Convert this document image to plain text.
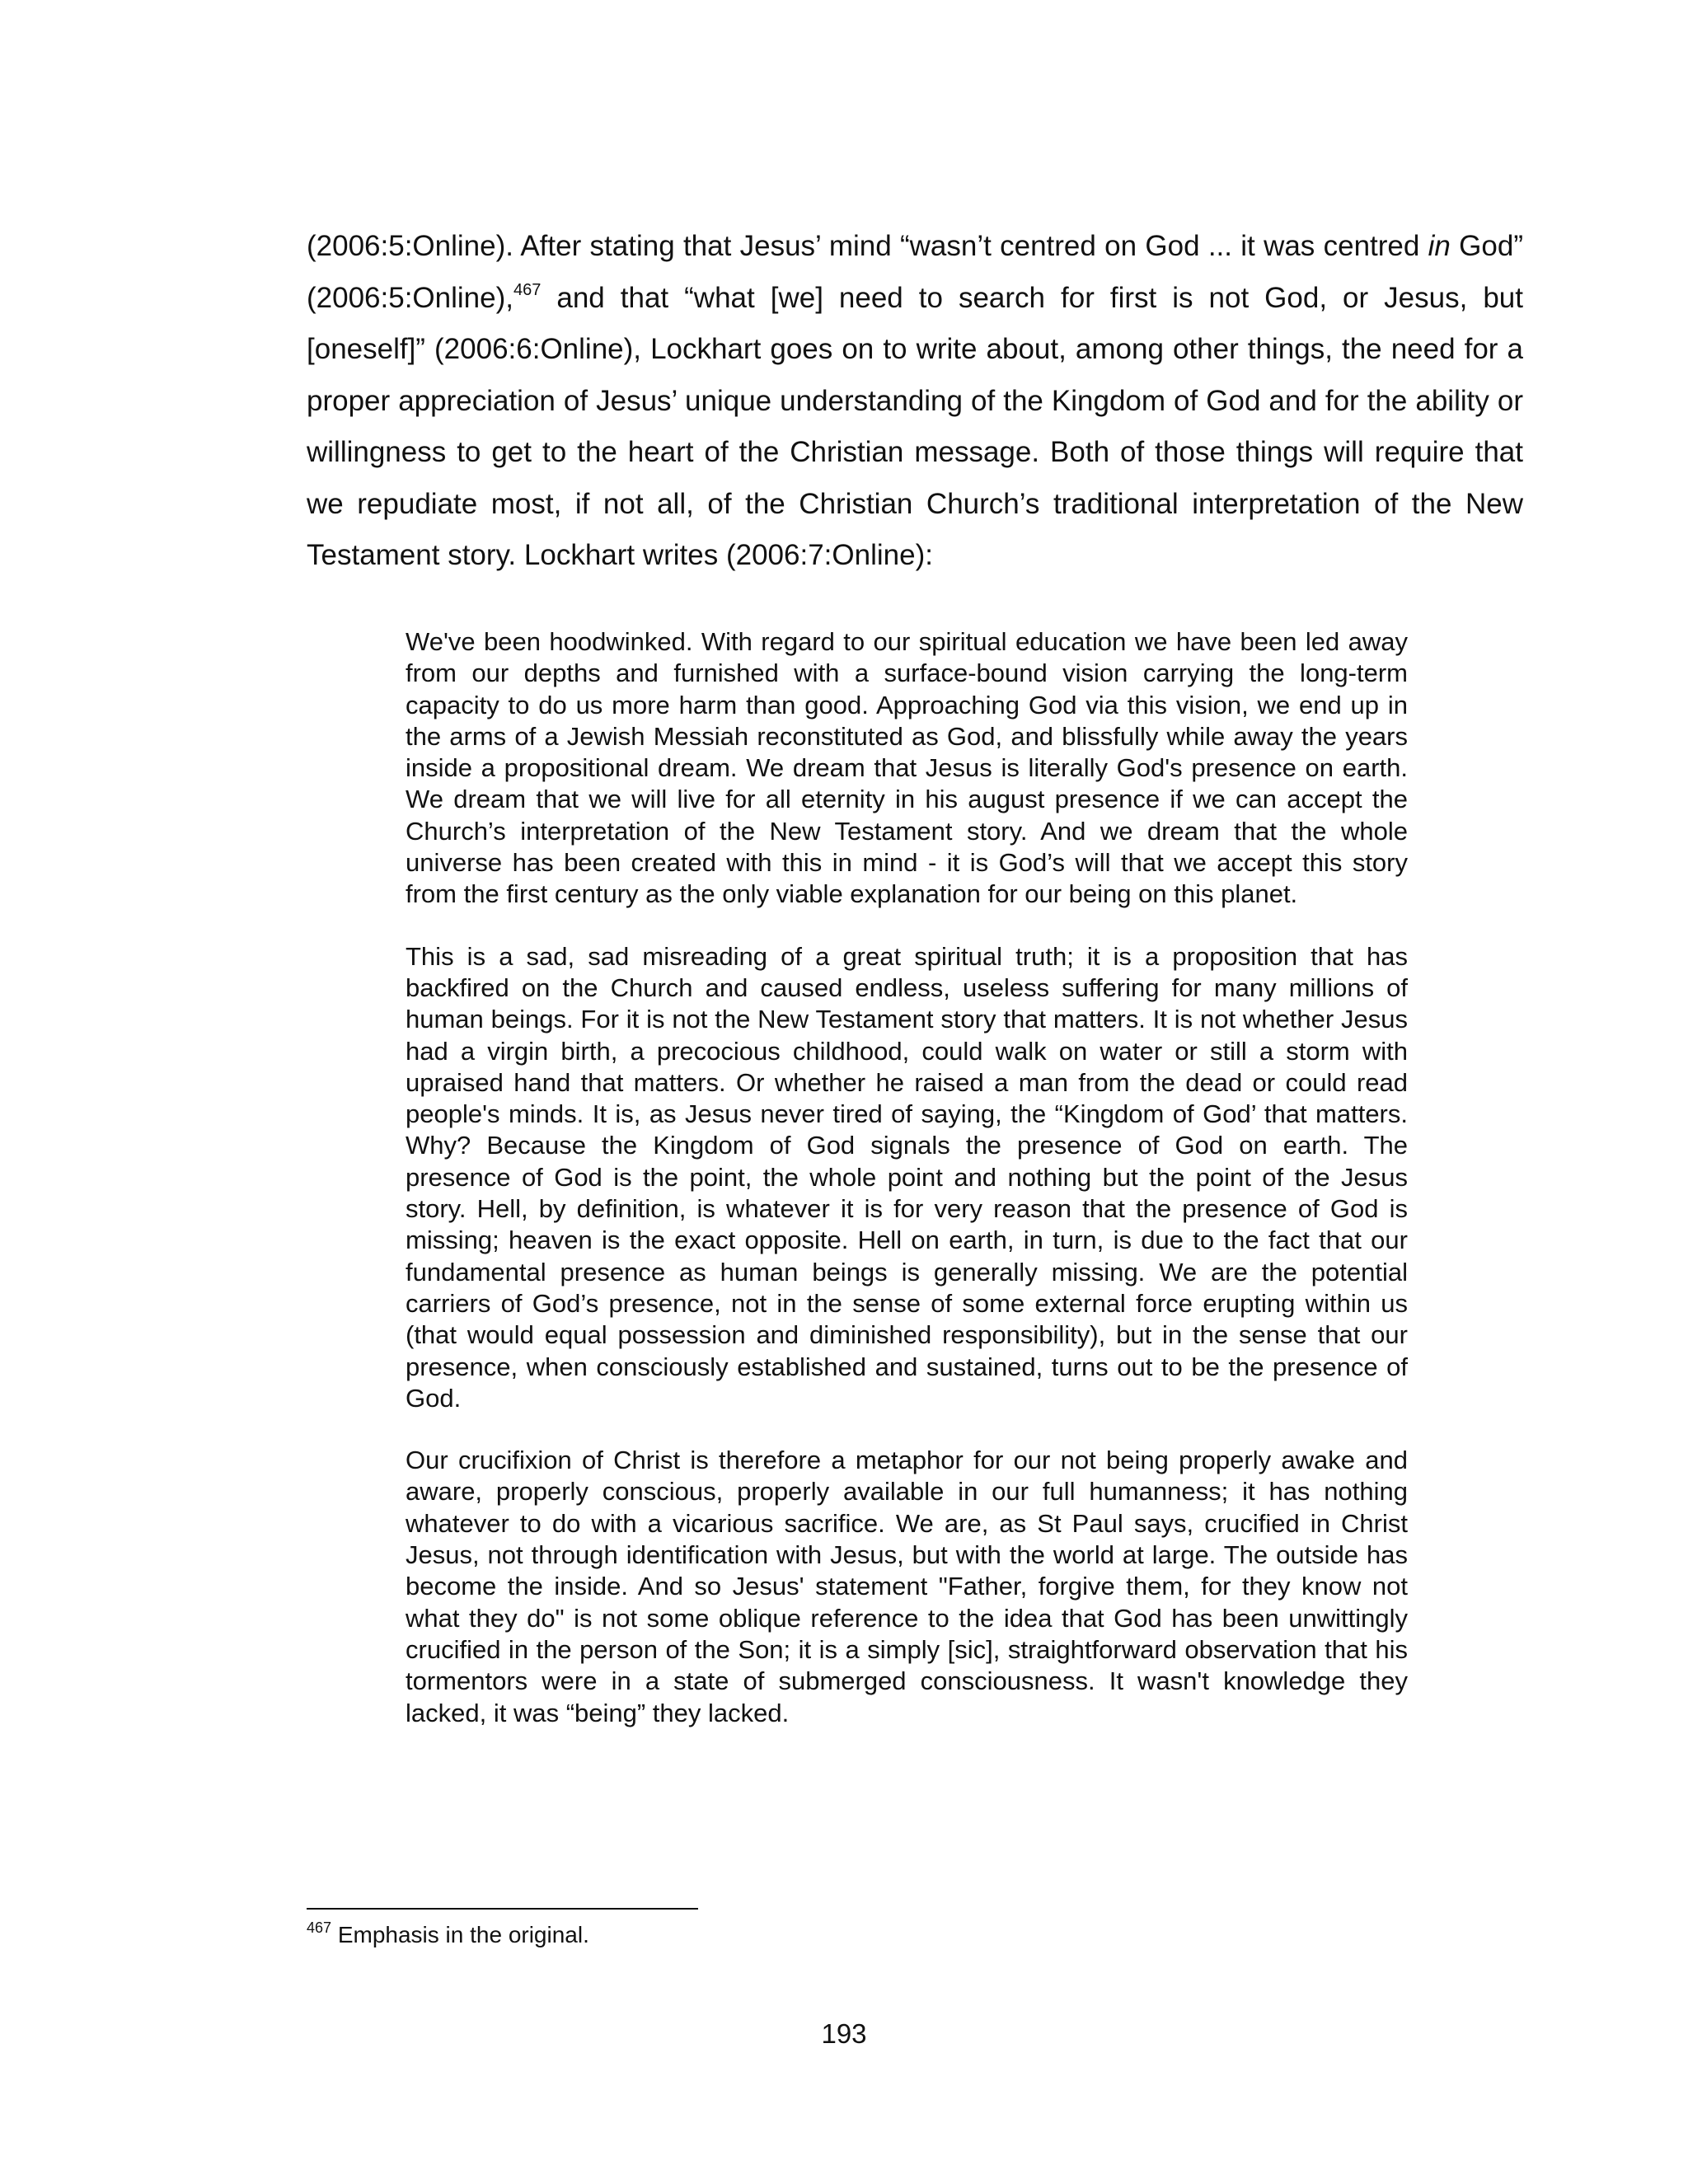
(2006:5:Online). After stating that Jesus’ mind “wasn’t centred on God ... it was centred in God” (2006:5:Online),$^{467}$ and that “what [we] need to search for first is not God, or Jesus, but [oneself]” (2006:6:Online), Lockhart goes on to write about, among other things, the need for a proper appreciation of Jesus’ unique understanding of the Kingdom of God and for the ability or willingness to get to the heart of the Christian message. Both of those things will require that we repudiate most, if not all, of the Christian Church’s traditional interpretation of the New Testament story. Lockhart writes (2006:7:Online):

We've been hoodwinked. With regard to our spiritual education we have been led away from our depths and furnished with a surface-bound vision carrying the long-term capacity to do us more harm than good. Approaching God via this vision, we end up in the arms of a Jewish Messiah reconstituted as God, and blissfully while away the years inside a propositional dream. We dream that Jesus is literally God's presence on earth. We dream that we will live for all eternity in his august presence if we can accept the Church’s interpretation of the New Testament story. And we dream that the whole universe has been created with this in mind - it is God’s will that we accept this story from the first century as the only viable explanation for our being on this planet.

This is a sad, sad misreading of a great spiritual truth; it is a proposition that has backfired on the Church and caused endless, useless suffering for many millions of human beings. For it is not the New Testament story that matters. It is not whether Jesus had a virgin birth, a precocious childhood, could walk on water or still a storm with upraised hand that matters. Or whether he raised a man from the dead or could read people's minds. It is, as Jesus never tired of saying, the “Kingdom of God’ that matters. Why? Because the Kingdom of God signals the presence of God on earth. The presence of God is the point, the whole point and nothing but the point of the Jesus story. Hell, by definition, is whatever it is for very reason that the presence of God is missing; heaven is the exact opposite. Hell on earth, in turn, is due to the fact that our fundamental presence as human beings is generally missing. We are the potential carriers of God’s presence, not in the sense of some external force erupting within us (that would equal possession and diminished responsibility), but in the sense that our presence, when consciously established and sustained, turns out to be the presence of God.

Our crucifixion of Christ is therefore a metaphor for our not being properly awake and aware, properly conscious, properly available in our full humanness; it has nothing whatever to do with a vicarious sacrifice. We are, as St Paul says, crucified in Christ Jesus, not through identification with Jesus, but with the world at large. The outside has become the inside. And so Jesus' statement "Father, forgive them, for they know not what they do" is not some oblique reference to the idea that God has been unwittingly crucified in the person of the Son; it is a simply [sic], straightforward observation that his tormentors were in a state of submerged consciousness. It wasn't knowledge they lacked, it was “being” they lacked.

$^{467}$ Emphasis in the original.

193
